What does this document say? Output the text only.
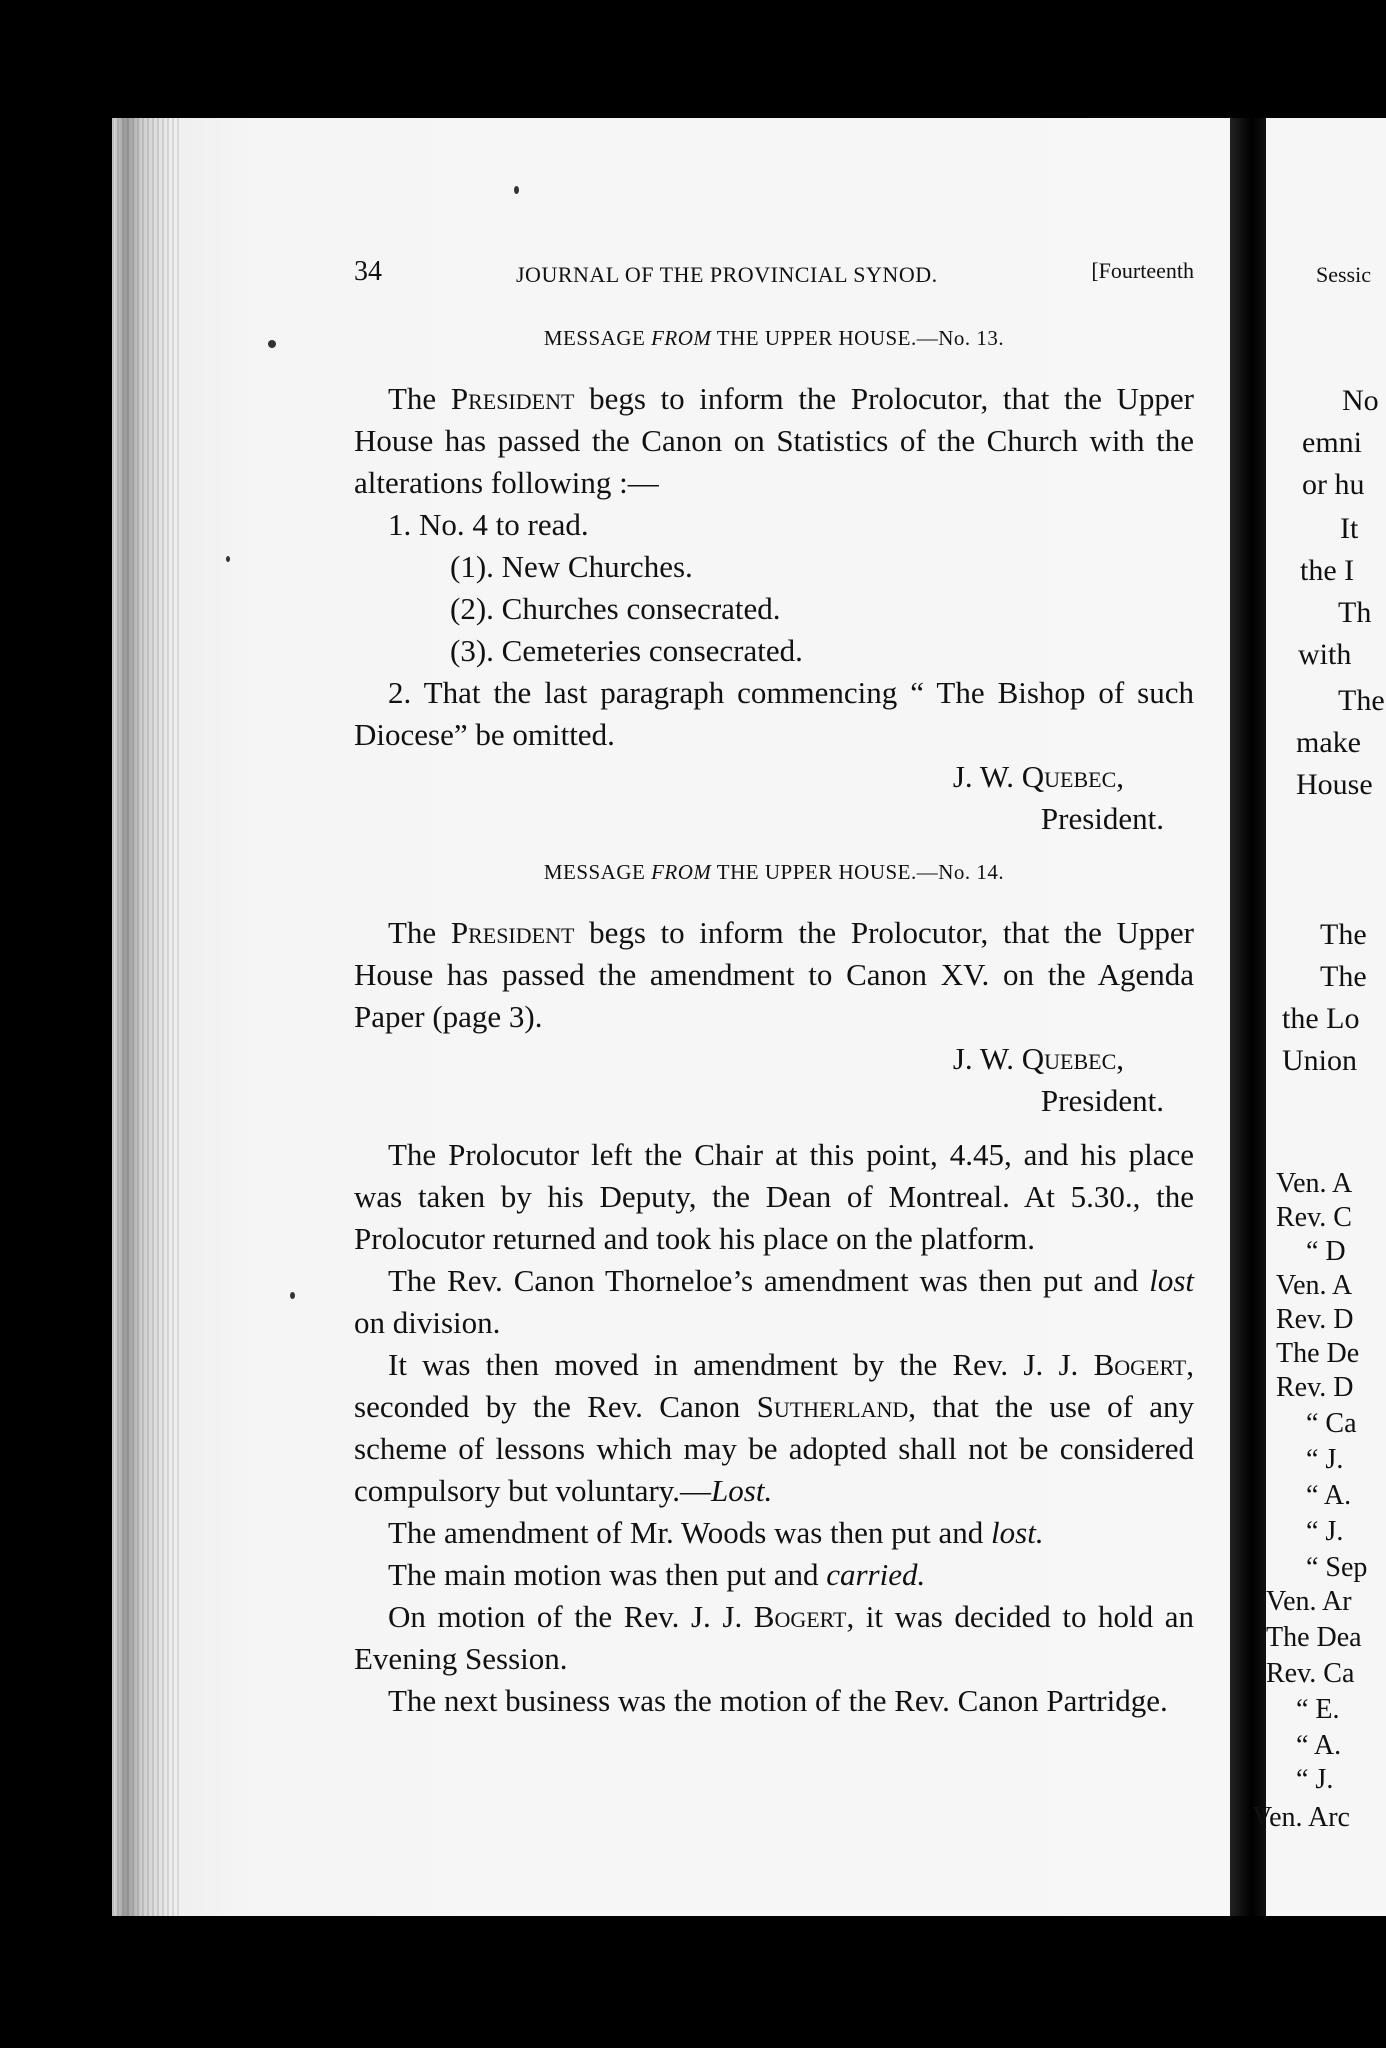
34	JOURNAL OF THE PROVINCIAL SYNOD.	[Fourteenth
MESSAGE FROM THE UPPER HOUSE.—No. 13.

The President begs to inform the Prolocutor, that the Upper House has passed the Canon on Statistics of the Church with the alterations following :—

1. No. 4 to read.

(1). New Churches.

(2). Churches consecrated.

(3). Cemeteries consecrated.

2. That the last paragraph commencing “ The Bishop of such Diocese” be omitted.

J. W. Quebec,

President.

MESSAGE FROM THE UPPER HOUSE.—No. 14.

The President begs to inform the Prolocutor, that the Upper House has passed the amendment to Canon XV. on the Agenda Paper (page 3).

J. W. Quebec,

President.

The Prolocutor left the Chair at this point, 4.45, and his place was taken by his Deputy, the Dean of Montreal. At 5.30., the Prolocutor returned and took his place on the platform.

The Rev. Canon Thorneloe’s amendment was then put and lost on division.

It was then moved in amendment by the Rev. J. J. Bogert, seconded by the Rev. Canon Sutherland, that the use of any scheme of lessons which may be adopted shall not be considered compulsory but voluntary.—Lost.

The amendment of Mr. Woods was then put and lost.

The main motion was then put and carried.

On motion of the Rev. J. J. Bogert, it was decided to hold an Evening Session.

The next business was the motion of the Rev. Canon Partridge.

Sessic
No
emni
or hu
It
the I
Th
with
The
make
House
The
The
the Lo
Union
Ven. A
Rev. C
“ D
Ven. A
Rev. D
The De
Rev. D
“ Ca
“ J.
“ A.
“ J.
“ Sep
Ven. Ar
The Dea
Rev. Ca
“ E.
“ A.
“ J.
Ven. Arc
